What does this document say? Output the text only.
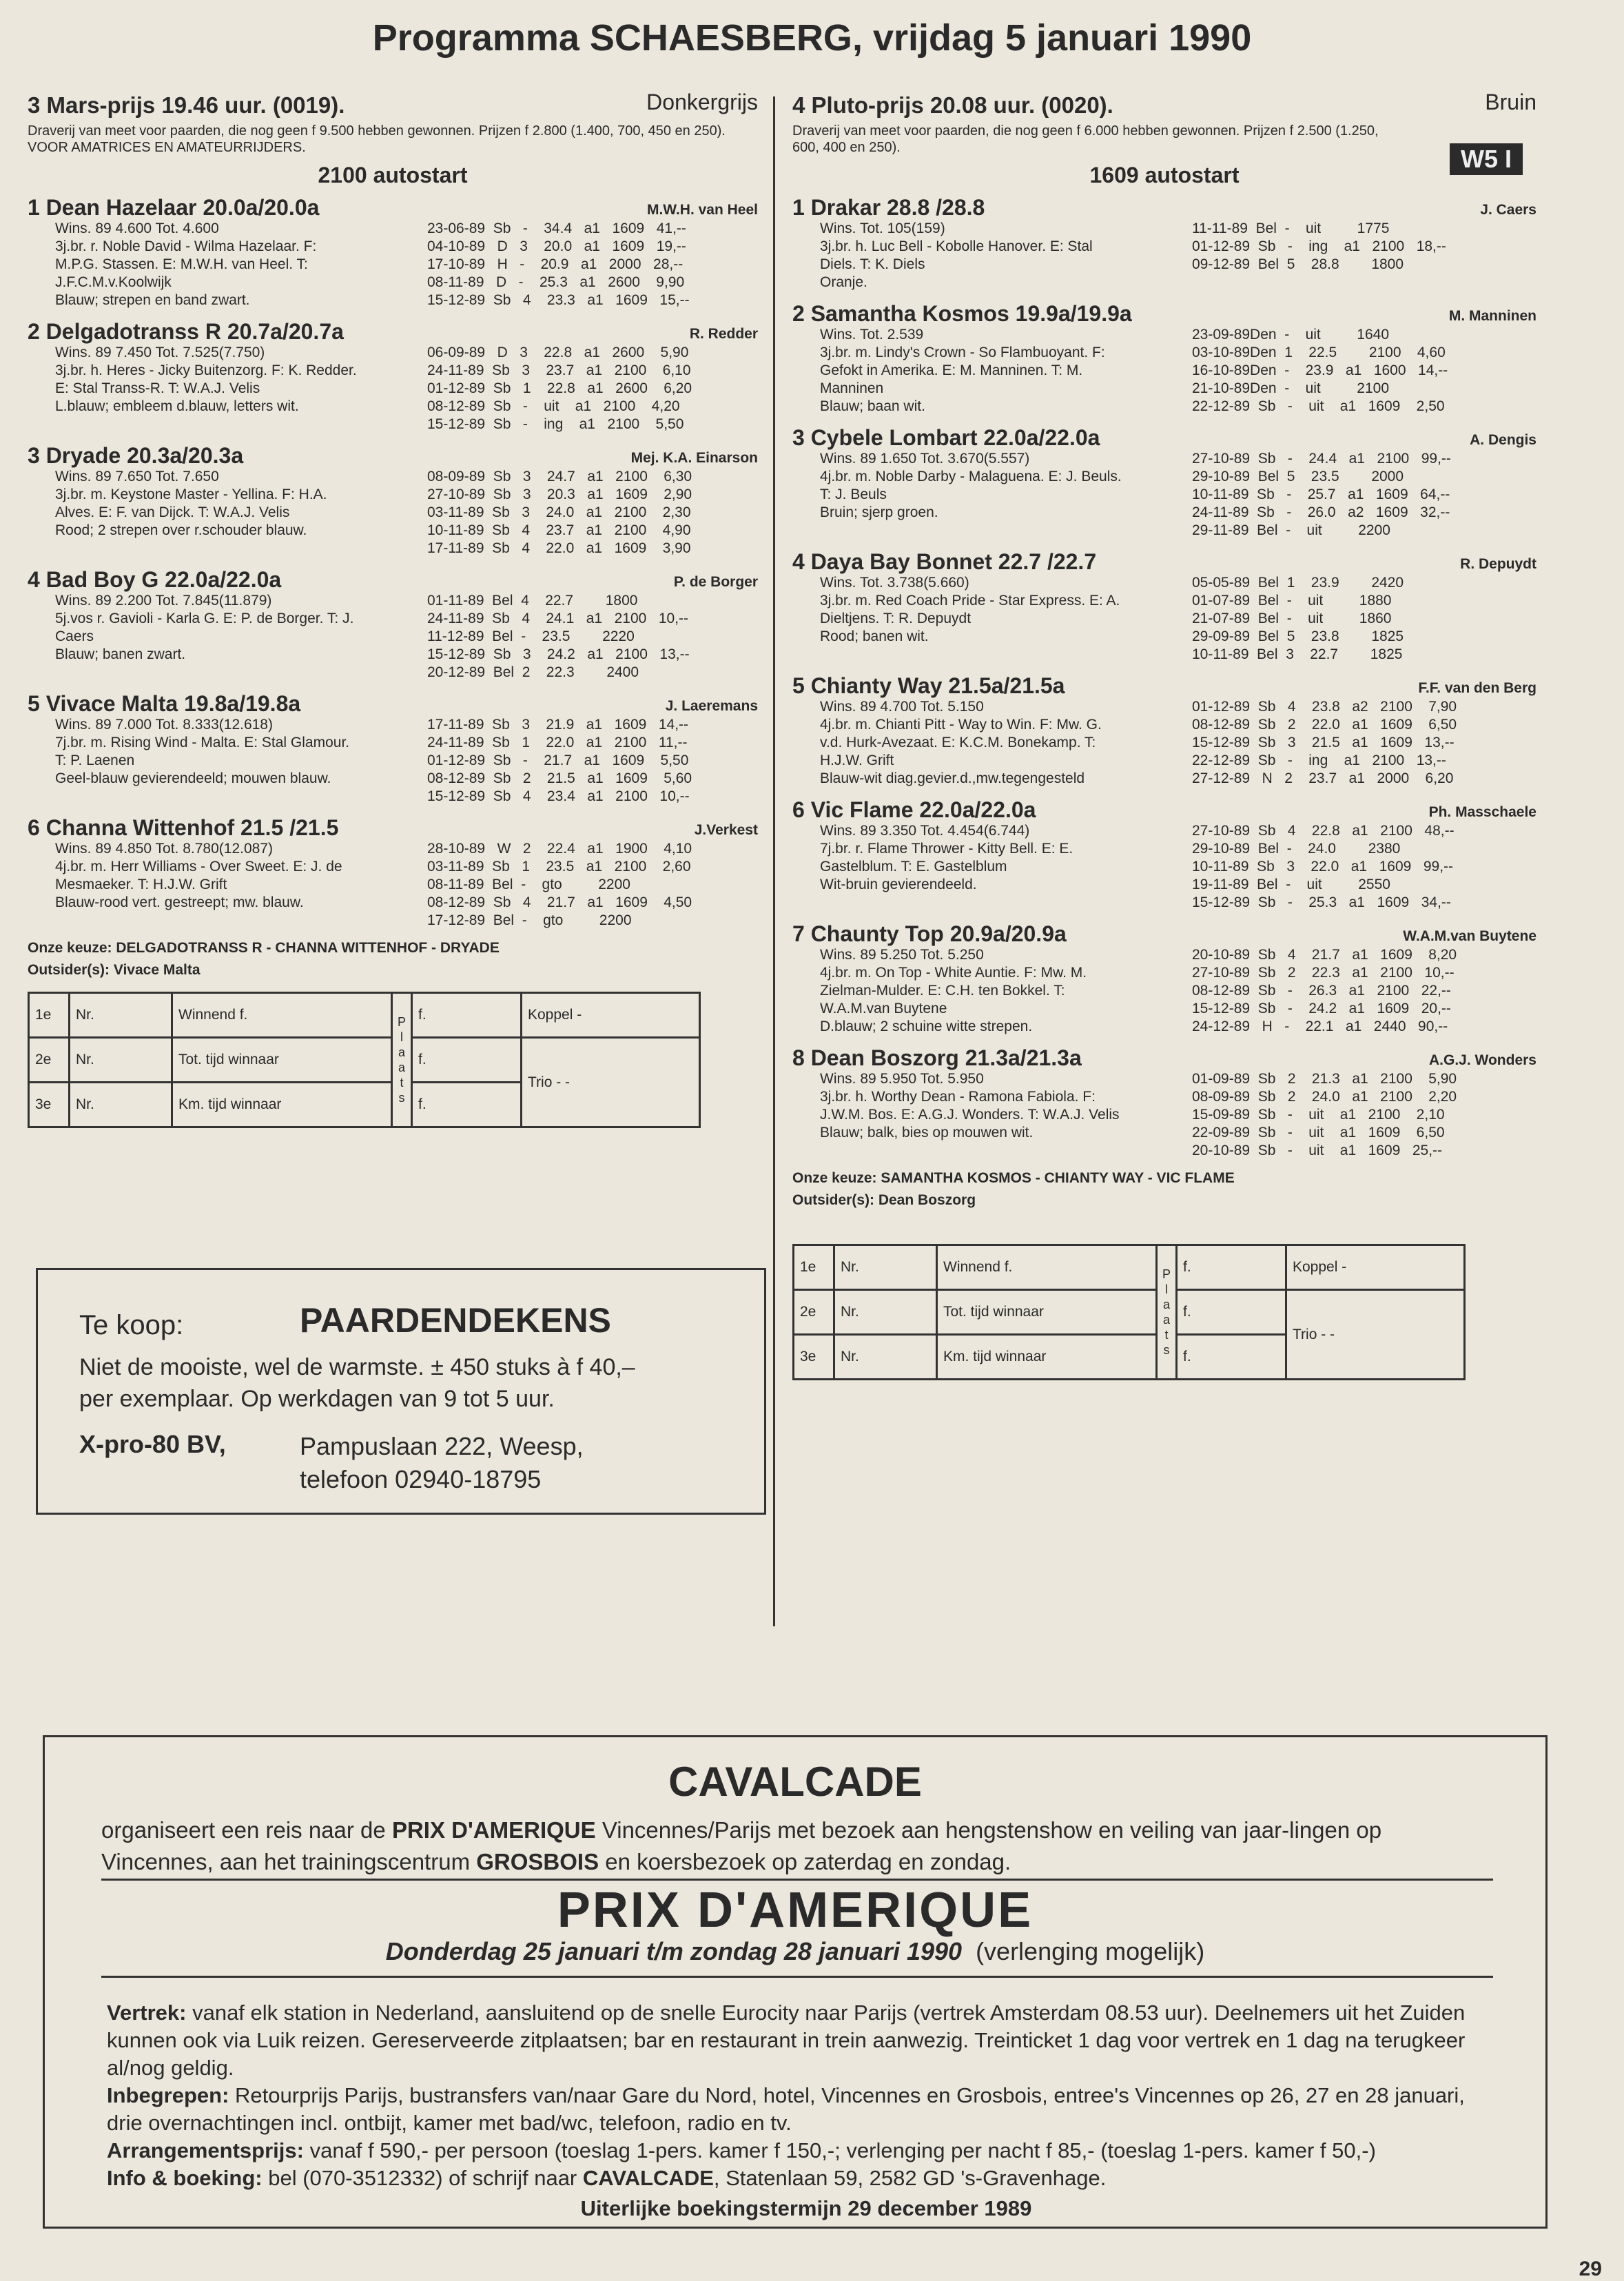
Programma SCHAESBERG, vrijdag 5 januari 1990
3 Mars-prijs 19.46 uur. (0019).	Donkergrijs
Draverij van meet voor paarden, die nog geen f 9.500 hebben gewonnen. Prijzen f 2.800 (1.400, 700, 450 en 250). VOOR AMATRICES EN AMATEURRIJDERS.
2100 autostart
1 Dean Hazelaar 20.0a/20.0a	M.W.H. van Heel
Wins. 89 4.600 Tot. 4.600
3j.br. r. Noble David - Wilma Hazelaar. F:
M.P.G. Stassen. E: M.W.H. van Heel. T:
J.F.C.M.v.Koolwijk
Blauw; strepen en band zwart.
23-06-89  Sb   -    34.4   a1   1609   41,--
04-10-89   D   3    20.0   a1   1609   19,--
17-10-89   H   -    20.9   a1   2000   28,--
08-11-89   D   -    25.3   a1   2600    9,90
15-12-89  Sb   4    23.3   a1   1609   15,--
2 Delgadotranss R 20.7a/20.7a	R. Redder
Wins. 89 7.450 Tot. 7.525(7.750)
3j.br. h. Heres - Jicky Buitenzorg. F: K. Redder.
E: Stal Transs-R. T: W.A.J. Velis
L.blauw; embleem d.blauw, letters wit.
06-09-89   D   3    22.8   a1   2600    5,90
24-11-89  Sb   3    23.7   a1   2100    6,10
01-12-89  Sb   1    22.8   a1   2600    6,20
08-12-89  Sb   -    uit    a1   2100    4,20
15-12-89  Sb   -    ing    a1   2100    5,50
3 Dryade 20.3a/20.3a	Mej. K.A. Einarson
Wins. 89 7.650 Tot. 7.650
3j.br. m. Keystone Master - Yellina. F: H.A.
Alves. E: F. van Dijck. T: W.A.J. Velis
Rood; 2 strepen over r.schouder blauw.
08-09-89  Sb   3    24.7   a1   2100    6,30
27-10-89  Sb   3    20.3   a1   1609    2,90
03-11-89  Sb   3    24.0   a1   2100    2,30
10-11-89  Sb   4    23.7   a1   2100    4,90
17-11-89  Sb   4    22.0   a1   1609    3,90
4 Bad Boy G 22.0a/22.0a	P. de Borger
Wins. 89 2.200 Tot. 7.845(11.879)
5j.vos r. Gavioli - Karla G. E: P. de Borger. T: J.
Caers
Blauw; banen zwart.
01-11-89  Bel  4    22.7        1800
24-11-89  Sb   4    24.1   a1   2100   10,--
11-12-89  Bel  -    23.5        2220
15-12-89  Sb   3    24.2   a1   2100   13,--
20-12-89  Bel  2    22.3        2400
5 Vivace Malta 19.8a/19.8a	J. Laeremans
Wins. 89 7.000 Tot. 8.333(12.618)
7j.br. m. Rising Wind - Malta. E: Stal Glamour.
T: P. Laenen
Geel-blauw gevierendeeld; mouwen blauw.
17-11-89  Sb   3    21.9   a1   1609   14,--
24-11-89  Sb   1    22.0   a1   2100   11,--
01-12-89  Sb   -    21.7   a1   1609    5,50
08-12-89  Sb   2    21.5   a1   1609    5,60
15-12-89  Sb   4    23.4   a1   2100   10,--
6 Channa Wittenhof 21.5 /21.5	J.Verkest
Wins. 89 4.850 Tot. 8.780(12.087)
4j.br. m. Herr Williams - Over Sweet. E: J. de
Mesmaeker. T: H.J.W. Grift
Blauw-rood vert. gestreept; mw. blauw.
28-10-89   W   2    22.4   a1   1900    4,10
03-11-89  Sb   1    23.5   a1   2100    2,60
08-11-89  Bel  -    gto         2200
08-12-89  Sb   4    21.7   a1   1609    4,50
17-12-89  Bel  -    gto         2200
Onze keuze: DELGADOTRANSS R - CHANNA WITTENHOF - DRYADE
Outsider(s): Vivace Malta
1e	Nr.	Winnend f.	P l a a t s	f.	Koppel -
2e	Nr.	Tot. tijd winnaar		f.	Trio - -
3e	Nr.	Km. tijd winnaar		f.	
4 Pluto-prijs 20.08 uur. (0020).	Bruin
Draverij van meet voor paarden, die nog geen f 6.000 hebben gewonnen. Prijzen f 2.500 (1.250, 600, 400 en 250).
1609 autostart
W5 I
1 Drakar 28.8 /28.8	J. Caers
Wins. Tot. 105(159)
3j.br. h. Luc Bell - Kobolle Hanover. E: Stal
Diels. T: K. Diels
Oranje.
11-11-89  Bel  -    uit         1775
01-12-89  Sb   -    ing    a1   2100   18,--
09-12-89  Bel  5    28.8        1800
2 Samantha Kosmos 19.9a/19.9a	M. Manninen
Wins. Tot. 2.539
3j.br. m. Lindy's Crown - So Flambuoyant. F:
Gefokt in Amerika. E: M. Manninen. T: M.
Manninen
Blauw; baan wit.
23-09-89Den  -    uit         1640
03-10-89Den  1    22.5        2100    4,60
16-10-89Den  -    23.9   a1   1600   14,--
21-10-89Den  -    uit         2100
22-12-89  Sb   -    uit    a1   1609    2,50
3 Cybele Lombart 22.0a/22.0a	A. Dengis
Wins. 89 1.650 Tot. 3.670(5.557)
4j.br. m. Noble Darby - Malaguena. E: J. Beuls.
T: J. Beuls
Bruin; sjerp groen.
27-10-89  Sb   -    24.4   a1   2100   99,--
29-10-89  Bel  5    23.5        2000
10-11-89  Sb   -    25.7   a1   1609   64,--
24-11-89  Sb   -    26.0   a2   1609   32,--
29-11-89  Bel  -    uit         2200
4 Daya Bay Bonnet 22.7 /22.7	R. Depuydt
Wins. Tot. 3.738(5.660)
3j.br. m. Red Coach Pride - Star Express. E: A.
Dieltjens. T: R. Depuydt
Rood; banen wit.
05-05-89  Bel  1    23.9        2420
01-07-89  Bel  -    uit         1880
21-07-89  Bel  -    uit         1860
29-09-89  Bel  5    23.8        1825
10-11-89  Bel  3    22.7        1825
5 Chianty Way 21.5a/21.5a	F.F. van den Berg
Wins. 89 4.700 Tot. 5.150
4j.br. m. Chianti Pitt - Way to Win. F: Mw. G.
v.d. Hurk-Avezaat. E: K.C.M. Bonekamp. T:
H.J.W. Grift
Blauw-wit diag.gevier.d.,mw.tegengesteld
01-12-89  Sb   4    23.8   a2   2100    7,90
08-12-89  Sb   2    22.0   a1   1609    6,50
15-12-89  Sb   3    21.5   a1   1609   13,--
22-12-89  Sb   -    ing    a1   2100   13,--
27-12-89   N   2    23.7   a1   2000    6,20
6 Vic Flame 22.0a/22.0a	Ph. Masschaele
Wins. 89 3.350 Tot. 4.454(6.744)
7j.br. r. Flame Thrower - Kitty Bell. E: E.
Gastelblum. T: E. Gastelblum
Wit-bruin gevierendeeld.
27-10-89  Sb   4    22.8   a1   2100   48,--
29-10-89  Bel  -    24.0        2380
10-11-89  Sb   3    22.0   a1   1609   99,--
19-11-89  Bel  -    uit         2550
15-12-89  Sb   -    25.3   a1   1609   34,--
7 Chaunty Top 20.9a/20.9a	W.A.M.van Buytene
Wins. 89 5.250 Tot. 5.250
4j.br. m. On Top - White Auntie. F: Mw. M.
Zielman-Mulder. E: C.H. ten Bokkel. T:
W.A.M.van Buytene
D.blauw; 2 schuine witte strepen.
20-10-89  Sb   4    21.7   a1   1609    8,20
27-10-89  Sb   2    22.3   a1   2100   10,--
08-12-89  Sb   -    26.3   a1   2100   22,--
15-12-89  Sb   -    24.2   a1   1609   20,--
24-12-89   H   -    22.1   a1   2440   90,--
8 Dean Boszorg 21.3a/21.3a	A.G.J. Wonders
Wins. 89 5.950 Tot. 5.950
3j.br. h. Worthy Dean - Ramona Fabiola. F:
J.W.M. Bos. E: A.G.J. Wonders. T: W.A.J. Velis
Blauw; balk, bies op mouwen wit.
01-09-89  Sb   2    21.3   a1   2100    5,90
08-09-89  Sb   2    24.0   a1   2100    2,20
15-09-89  Sb   -    uit    a1   2100    2,10
22-09-89  Sb   -    uit    a1   1609    6,50
20-10-89  Sb   -    uit    a1   1609   25,--
Onze keuze: SAMANTHA KOSMOS - CHIANTY WAY - VIC FLAME
Outsider(s): Dean Boszorg
1e	Nr.	Winnend f.	P l a a t s	f.	Koppel -
2e	Nr.	Tot. tijd winnaar		f.	Trio - -
3e	Nr.	Km. tijd winnaar		f.	
Te koop:	PAARDENDEKENS
Niet de mooiste, wel de warmste. ± 450 stuks à f 40,–
per exemplaar. Op werkdagen van 9 tot 5 uur.
X-pro-80 BV,	Pampuslaan 222, Weesp,
telefoon 02940-18795
CAVALCADE
organiseert een reis naar de PRIX D'AMERIQUE Vincennes/Parijs met bezoek aan hengstenshow en veiling van jaar-lingen op Vincennes, aan het trainingscentrum GROSBOIS en koersbezoek op zaterdag en zondag.
PRIX D'AMERIQUE
Donderdag 25 januari t/m zondag 28 januari 1990 (verlenging mogelijk)
Vertrek: vanaf elk station in Nederland, aansluitend op de snelle Eurocity naar Parijs (vertrek Amsterdam 08.53 uur). Deelnemers uit het Zuiden kunnen ook via Luik reizen. Gereserveerde zitplaatsen; bar en restaurant in trein aanwezig. Treinticket 1 dag voor vertrek en 1 dag na terugkeer al/nog geldig.
Inbegrepen: Retourprijs Parijs, bustransfers van/naar Gare du Nord, hotel, Vincennes en Grosbois, entree's Vincennes op 26, 27 en 28 januari, drie overnachtingen incl. ontbijt, kamer met bad/wc, telefoon, radio en tv.
Arrangementsprijs: vanaf f 590,- per persoon (toeslag 1-pers. kamer f 150,-; verlenging per nacht f 85,- (toeslag 1-pers. kamer f 50,-)
Info & boeking: bel (070-3512332) of schrijf naar CAVALCADE, Statenlaan 59, 2582 GD 's-Gravenhage.
Uiterlijke boekingstermijn 29 december 1989
29
